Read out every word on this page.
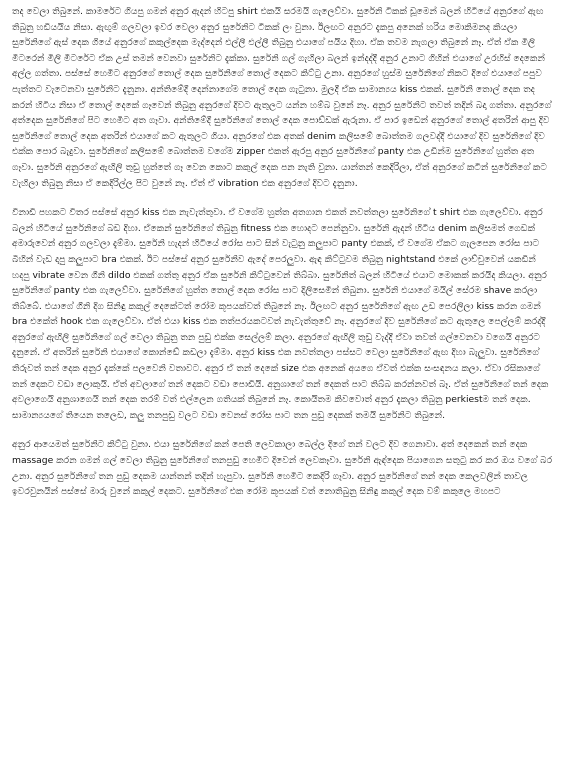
තද වෙලා තිබුනේ. කාමරේට ගියපු ගමන් අනුර ඇදන් හිටපු shirt එකයි සරමයි ගැලෙව්වා. සුරේනි ටිකක් ඩූමෙන් බලන් හිටියේ අනුරගේ ඇඟ තිබුනු හඩියයිය නිසා. ඇඟුම් ගලවලා ඉවර වෙලා අනුර සුරේනිට ටිකක් ලං වුනා. ඊලඟට අනුරට දැකපු අනෙක් හරිය මොකිමනද කියලා සුරේනිගේ ඇස් දෙක ගියේ අනුරගේ කකුල්දෙක මැද්දෙන් එල්ලී එල්ලී තිබුනු එයාගේ පයිය දිහා. ඒක තවම නැගලා තිබුනේ නෑ. ඒත් ඒක මිලි මීටරෙන් මිලි මීටරේට ඒක උස් තමන් වෙනවා සුරේනිට දැක්කා. සුරේනි ගල් ගැහිලා බලන් ඉන්දද්දී අනුර උනාට ගිහින් එයාගේ උරහිස් දෙකෙන් අල්ල ගත්තා. පස්සේ හෙමිට අනුරගේ තොල් දෙක සුරේනිගේ තොල් දෙකට කිට්ටු උනා. අනුරගේ හුස්ම සුරේනිගේ නිකට දිගේ එයාගේ පපුව පැත්තට වැටෙනවා සුරේනිට දැනුනා. අන්තිමේදී දෙන්නාගේම තොල් දෙක ගැටුනා. මුලදී ඒක සාමාන්‍යය kiss එකක්. සුරේනි තොල් දෙක තද කරන් හිටිය නිසා ඒ තොල් දෙකේ ගෑවෙන් තිබුනු අනුරගේ දිවට ඇතුලට යන්න හම්බ වුනේ නෑ. අනුර සුරේනිට තවත් තදින් බදා ගත්තා. අනුරගේ අත්දෙක සුරේනිගේ පිට හෙමිට අත ගෑවා. අන්තිමේදී සුරේනිගේ තොල් දෙක පොඩ්ඩක් ඇරුනා. ඒ පාර ඉඩෙන් අනුරගේ තොල් අතරින් ආපු දිව සුරේනිගේ තොල් දෙක අතරින් එයාගේ කට ඇතුලට ගියා. අනුරගේ එක අතක් denim කලිසමේ බොත්තම ගලවද්දී එයාගේ දිව සුරේනිගේ දිව එක්ක පොර බැදුවා. සුරේනිගේ කලිසමේ බොත්තම වගේම zipper එකත් ඇරපු අනුර සුරේනිගේ panty එක උඩින්ම සුරේනිගේ හුත්ත අත ගෑවා. සුරේනි අනුරගේ ඇඟිලි තුඩු හුත්තේ ගෑ වෙන කොට කකුල් දෙක පන නැති වුනා. යාන්තන් කෙදිරිලා, ඒත් අනුරගේ කටින් සුරේනිගේ කට වැහිලා තිබුනු නිසා ඒ කෙදිරිල්ල පිට වුනේ නෑ. ඒත් ඒ vibration එක අනුරගේ දිවට දැනුනා.

විනාඩි පහකට විතර පස්සේ අනුර kiss එක නැවැත්තුවා. ඒ වගේම හුත්ත අතගාන එකත් නවත්තලා සුරේනිගේ t shirt එක ගැලෙව්වා. අනුර බලන් හිටියේ සුරේනිගේ බඩ දිහා. ඒකෙන් සුරේනිගේ තිබුනු fitness එක හොදට පෙන්නුවා. සුරේනි ඇදන් හිටිය denim කලිසමත් ගෙඩක් අමාරුවෙන් අනුර ගලවලා දැම්මා. සුරේනි හැදන් හිටියේ රෝස පාට සින් වැටුනු කලුපාට panty එකක්, ඒ වගේම ඒකට ගැලපෙන රෝස පාට බිහින් වැඩ දාපු කලුපාට bra එකක්. ඊට පස්සේ අනුර සුරේනිව ඇදේ පෙරලුවා. ඇඳ කිට්ටුවම තිබුනු nightstand එකේ ලාච්චුවෙන් යකඩින් හදපු vibrate වෙන ගීනි dildo එකක් ගත්තු අනුර ඒක සුරේනි කිට්ටුවෙන් තිබ්බා. සුරේනිත් බලන් හිටියේ එයාට මොකක් කරයිද කියලා. අනුර සුරේනිගේ panty එක ගැලෙව්වා. සුරේනිගේ හුත්ත තොල් දෙක රෝස පාට දිලිසෙමින් තිබුනා. සුරේනි එයාගේ මයිල් සේරම shave කරලා තිබ්බේ. එයාගේ ගීනි දිග සිනිඳු කකුල් දෙකේටත් රෝම කූපයක්වත් තිබුනේ නෑ. ඊලඟට අනුර සුරේනිගේ ඇඟ උඩ පෙරලිලා kiss කරන ගමන් bra එකේත් hook එක ගැලෙව්වා. ඒත් එයා kiss එක තත්පරයකටවත් නැවැත්තුවේ නෑ. අනුරගේ දිව සුරේනිගේ කට ඇතුලෙ පෙල්ලම් කරද්දී අනුරගේ ඇඟිලි සුරේනිගේ ගල් වෙලා තිබුනු තන පුඩු එක්ක සෙල්ලම් කලා. අනුරගේ ඇඟිලි තුඩු වැද්දී ඒවා තවත් ගල්වෙනවා වගෙයි අනුරට දැනුනේ. ඒ අතරින් සුරේනි එයාගේ කොන්ඩේ කඩලා දැම්මා. අනුර kiss එක නවත්තලා පස්සට වෙලා සුරේනිගේ ඇඟ දිහා බැලුවා. සුරේනිගේ තිරුවත් තන් දෙක අනුර දැක්කේ පලවෙනි වතාවට. අනුර ඒ තන් දෙකේ size එක අනෙක් අයගෙ ඒවත් එක්ක සංසඳනය කලා. ඒවා රසිකාගේ තන් දෙකට වඩා ලොකුයි. ඒත් අවලාගේ තන් දෙකට වඩා පොඩියි. අනුශාගේ තන් දෙකත් පාට තිබ්බ කරන්නවත් බෑ. ඒත් සුරේනිගේ තන් දෙක අවලාගෙයි අනුශාගෙයි තන් දෙක තරම් වත් එල්ලෙන ගතියක් තිබුනේ නෑ. කොයිතම කිවවොත් අනුර දැකලා තිබුනු perkiestම තන් දෙක. සාමාන්‍යයගේ තියෙන තලෙඩ, කලු තනපුඩු වලට වඩා වෙනස් රෝස පාට තන පුඩු දෙකක් තමයි සුරේනිට තිබුනේ.

අනුර ආයෙමත් සුරේනිට කිට්ටු වුනා. එයා සුරේනිගේ කන් පෙති ලෙවකාලා බෙල්ල දිගේ තන් වලට දිව ගෙනාවා. අත් දෙකෙන් තන් දෙක massage කරන ගමන් ගල් වෙලා තිබුනු සුරේනිගේ තනපුඩු හෙමිට දිවෙන් ලෙවකෑවා. සුරේනි ඇඳ්දෙක පියාගෙන සතුටු කර කර ඔය වගේ බර උනා. අනුර සුරේනිගේ තන පුඩු දෙකම යාන්තන් තදින් හැපුවා. සුරේනි හෙමිට කෙදිරි ගෑවා. අනුර සුරේනිගේ තන් දෙක කෙලවලින් තාවල ඉවරවුනයින් පස්සේ මාරු වුනේ කකුල් දෙකට. සුරේනිගේ එක රෝම කූපයක් වත් නොතිබුනු සිනිඳු කකුල් දෙක වම් කකුලෙ මහපට
